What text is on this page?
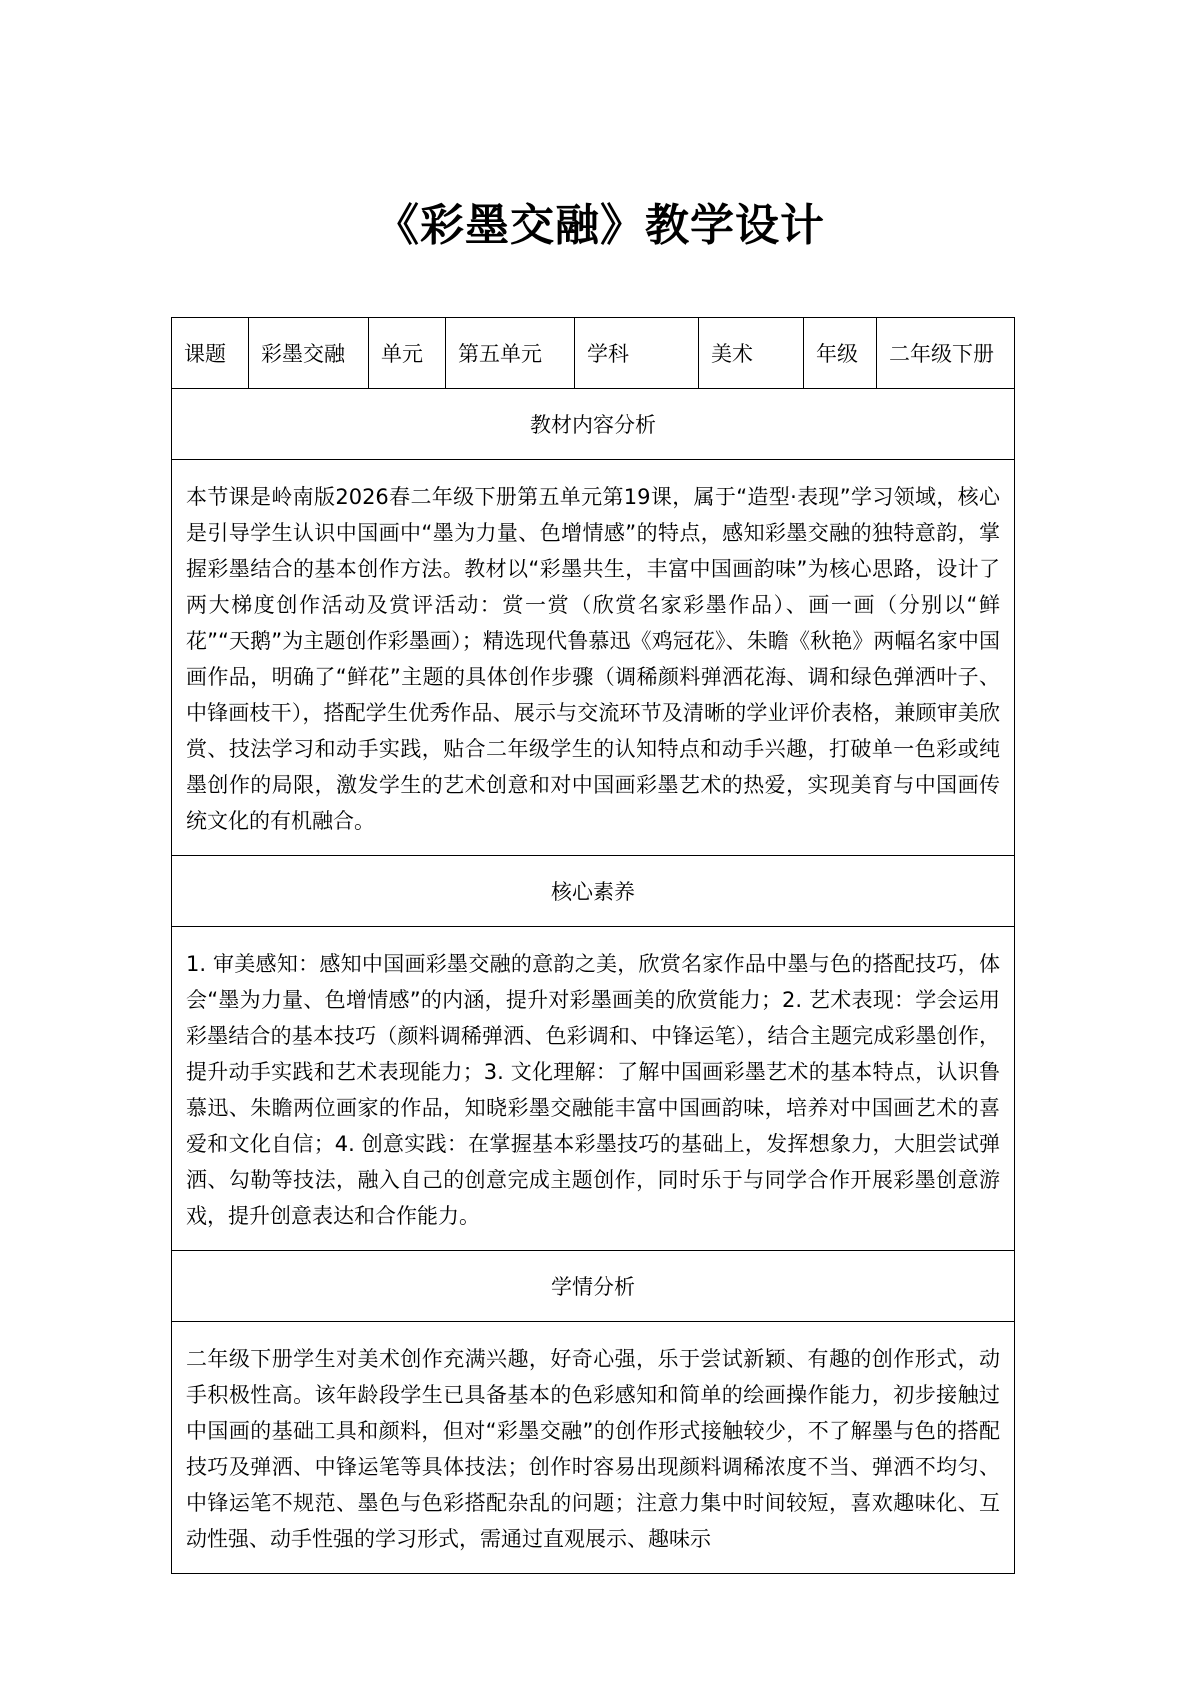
《彩墨交融》教学设计
课题	彩墨交融	单元	第五单元	学科	美术	年级	二年级下册
教材内容分析
本节课是岭南版2026春二年级下册第五单元第19课，属于“造型·表现”学习领域，核心是引导学生认识中国画中“墨为力量、色增情感”的特点，感知彩墨交融的独特意韵，掌握彩墨结合的基本创作方法。教材以“彩墨共生，丰富中国画韵味”为核心思路，设计了两大梯度创作活动及赏评活动：赏一赏（欣赏名家彩墨作品）、画一画（分别以“鲜花”“天鹅”为主题创作彩墨画）；精选现代鲁慕迅《鸡冠花》、朱瞻《秋艳》两幅名家中国画作品，明确了“鲜花”主题的具体创作步骤（调稀颜料弹洒花海、调和绿色弹洒叶子、中锋画枝干），搭配学生优秀作品、展示与交流环节及清晰的学业评价表格，兼顾审美欣赏、技法学习和动手实践，贴合二年级学生的认知特点和动手兴趣，打破单一色彩或纯墨创作的局限，激发学生的艺术创意和对中国画彩墨艺术的热爱，实现美育与中国画传统文化的有机融合。
核心素养
1. 审美感知：感知中国画彩墨交融的意韵之美，欣赏名家作品中墨与色的搭配技巧，体会“墨为力量、色增情感”的内涵，提升对彩墨画美的欣赏能力；2. 艺术表现：学会运用彩墨结合的基本技巧（颜料调稀弹洒、色彩调和、中锋运笔），结合主题完成彩墨创作，提升动手实践和艺术表现能力；3. 文化理解：了解中国画彩墨艺术的基本特点，认识鲁慕迅、朱瞻两位画家的作品，知晓彩墨交融能丰富中国画韵味，培养对中国画艺术的喜爱和文化自信；4. 创意实践：在掌握基本彩墨技巧的基础上，发挥想象力，大胆尝试弹洒、勾勒等技法，融入自己的创意完成主题创作，同时乐于与同学合作开展彩墨创意游戏，提升创意表达和合作能力。
学情分析

二年级下册学生对美术创作充满兴趣，好奇心强，乐于尝试新颖、有趣的创作形式，动手积极性高。该年龄段学生已具备基本的色彩感知和简单的绘画操作能力，初步接触过中国画的基础工具和颜料，但对“彩墨交融”的创作形式接触较少，不了解墨与色的搭配技巧及弹洒、中锋运笔等具体技法；创作时容易出现颜料调稀浓度不当、弹洒不均匀、中锋运笔不规范、墨色与色彩搭配杂乱的问题；注意力集中时间较短，喜欢趣味化、互动性强、动手性强的学习形式，需通过直观展示、趣味示
